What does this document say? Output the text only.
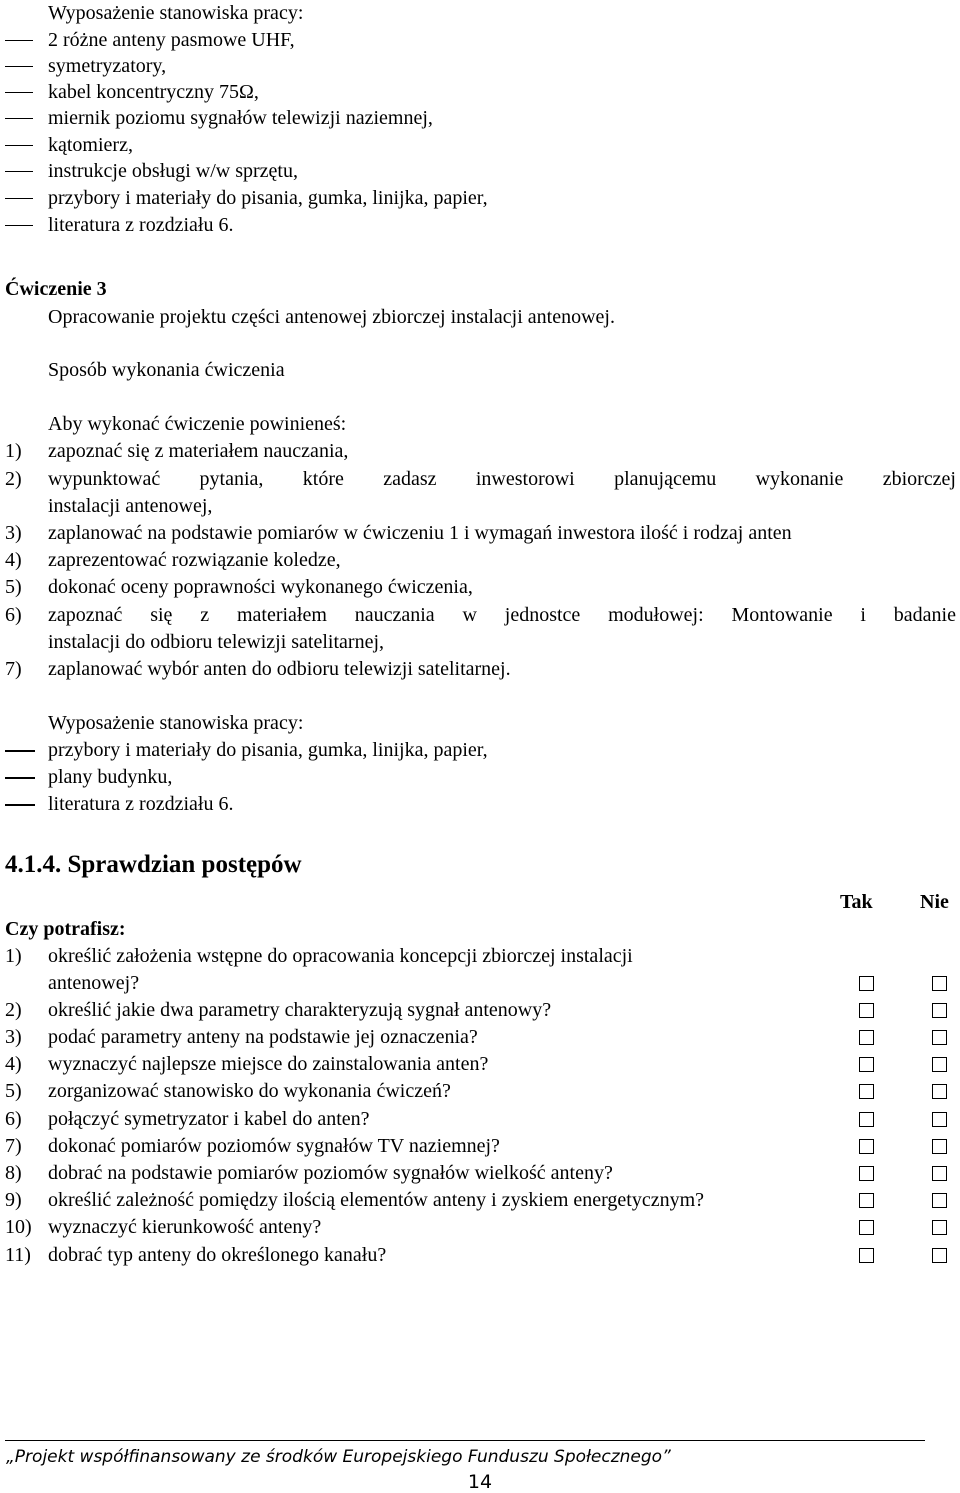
Wyposażenie stanowiska pracy:
2 różne anteny pasmowe UHF,
symetryzatory,
kabel koncentryczny 75Ω,
miernik poziomu sygnałów telewizji naziemnej,
kątomierz,
instrukcje obsługi w/w sprzętu,
przybory i materiały do pisania, gumka, linijka, papier,
literatura z rozdziału 6.
Ćwiczenie 3
Opracowanie projektu części antenowej zbiorczej instalacji antenowej.
Sposób wykonania ćwiczenia
Aby wykonać ćwiczenie powinieneś:
1) zapoznać się z materiałem nauczania,
2) wypunktować pytania, które zadasz inwestorowi planującemu wykonanie zbiorczej
instalacji antenowej,
3) zaplanować na podstawie pomiarów w ćwiczeniu 1 i wymagań inwestora ilość i rodzaj anten
4) zaprezentować rozwiązanie koledze,
5) dokonać oceny poprawności wykonanego ćwiczenia,
6) zapoznać się z materiałem nauczania w jednostce modułowej: Montowanie i badanie
instalacji do odbioru telewizji satelitarnej,
7) zaplanować wybór anten do odbioru telewizji satelitarnej.
Wyposażenie stanowiska pracy:
przybory i materiały do pisania, gumka, linijka, papier,
plany budynku,
literatura z rozdziału 6.
4.1.4. Sprawdzian postępów
Tak Nie
Czy potrafisz:
1) określić założenia wstępne do opracowania koncepcji zbiorczej instalacji
antenowej?
2) określić jakie dwa parametry charakteryzują sygnał antenowy?
3) podać parametry anteny na podstawie jej oznaczenia?
4) wyznaczyć najlepsze miejsce do zainstalowania anten?
5) zorganizować stanowisko do wykonania ćwiczeń?
6) połączyć symetryzator i kabel do anten?
7) dokonać pomiarów poziomów sygnałów TV naziemnej?
8) dobrać na podstawie pomiarów poziomów sygnałów wielkość anteny?
9) określić zależność pomiędzy ilością elementów anteny i zyskiem energetycznym?
10) wyznaczyć kierunkowość anteny?
11) dobrać typ anteny do określonego kanału?
„Projekt współfinansowany ze środków Europejskiego Funduszu Społecznego”
14
